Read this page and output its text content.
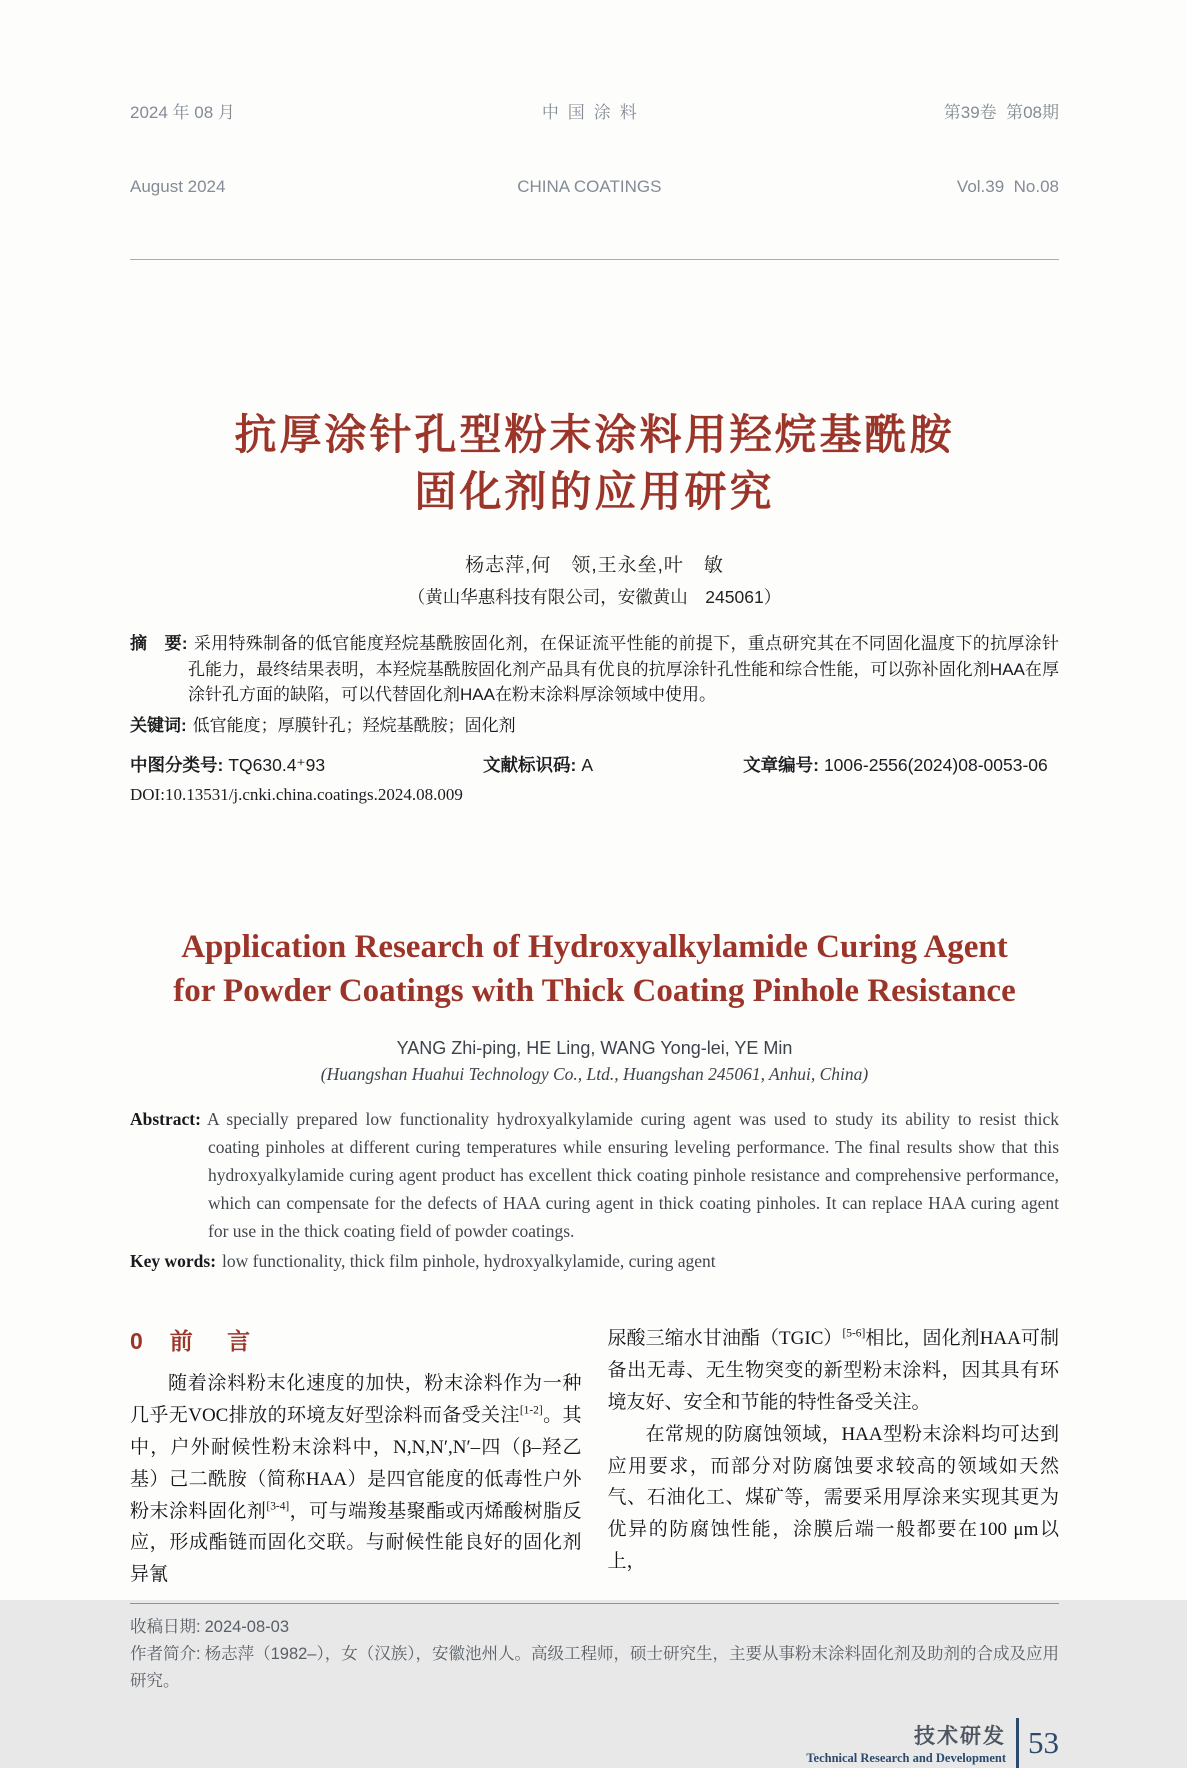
2024 年 08 月

August 2024

中国涂料

CHINA COATINGS

第39卷  第08期

Vol.39  No.08

抗厚涂针孔型粉末涂料用羟烷基酰胺
固化剂的应用研究
杨志萍,何　领,王永垒,叶　敏
（黄山华惠科技有限公司，安徽黄山　245061）

摘　要: 采用特殊制备的低官能度羟烷基酰胺固化剂，在保证流平性能的前提下，重点研究其在不同固化温度下的抗厚涂针孔能力，最终结果表明，本羟烷基酰胺固化剂产品具有优良的抗厚涂针孔性能和综合性能，可以弥补固化剂HAA在厚涂针孔方面的缺陷，可以代替固化剂HAA在粉末涂料厚涂领域中使用。

关键词: 低官能度；厚膜针孔；羟烷基酰胺；固化剂

中图分类号: TQ630.4⁺93	文献标识码: A	文章编号: 1006-2556(2024)08-0053-06
DOI:10.13531/j.cnki.china.coatings.2024.08.009
Application Research of Hydroxyalkylamide Curing Agent
for Powder Coatings with Thick Coating Pinhole Resistance
YANG Zhi-ping, HE Ling, WANG Yong-lei, YE Min
(Huangshan Huahui Technology Co., Ltd., Huangshan 245061, Anhui, China)

Abstract: A specially prepared low functionality hydroxyalkylamide curing agent was used to study its ability to resist thick coating pinholes at different curing temperatures while ensuring leveling performance. The final results show that this hydroxyalkylamide curing agent product has excellent thick coating pinhole resistance and comprehensive performance, which can compensate for the defects of HAA curing agent in thick coating pinholes. It can replace HAA curing agent for use in the thick coating field of powder coatings.

Key words: low functionality, thick film pinhole, hydroxyalkylamide, curing agent

0 前 言

随着涂料粉末化速度的加快，粉末涂料作为一种几乎无VOC排放的环境友好型涂料而备受关注[1-2]。其中，户外耐候性粉末涂料中，N,N,N′,N′–四（β–羟乙基）己二酰胺（简称HAA）是四官能度的低毒性户外粉末涂料固化剂[3-4]，可与端羧基聚酯或丙烯酸树脂反应，形成酯链而固化交联。与耐候性能良好的固化剂异氰

尿酸三缩水甘油酯（TGIC）[5-6]相比，固化剂HAA可制备出无毒、无生物突变的新型粉末涂料，因其具有环境友好、安全和节能的特性备受关注。

在常规的防腐蚀领域，HAA型粉末涂料均可达到应用要求，而部分对防腐蚀要求较高的领域如天然气、石油化工、煤矿等，需要采用厚涂来实现其更为优异的防腐蚀性能，涂膜后端一般都要在100 μm以上，

收稿日期: 2024-08-03
作者简介: 杨志萍（1982–），女（汉族），安徽池州人。高级工程师，硕士研究生，主要从事粉末涂料固化剂及助剂的合成及应用研究。
技术研发
Technical Research and Development 53
